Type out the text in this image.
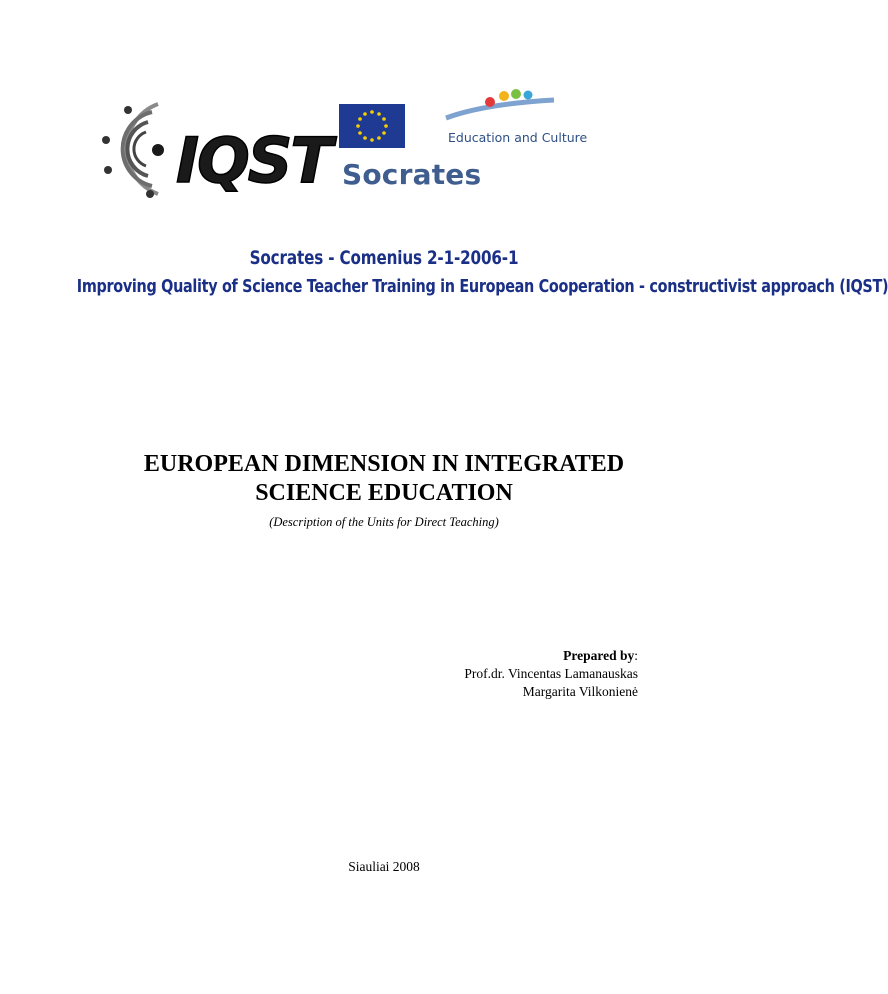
IQST Socrates
Education and Culture
Socrates - Comenius 2-1-2006-1
Improving Quality of Science Teacher Training in European Cooperation - constructivist approach (IQST)
EUROPEAN DIMENSION IN INTEGRATED
SCIENCE EDUCATION
(Description of the Units for Direct Teaching)
Prepared by:
Prof.dr. Vincentas Lamanauskas
Margarita Vilkonienė
Siauliai 2008
